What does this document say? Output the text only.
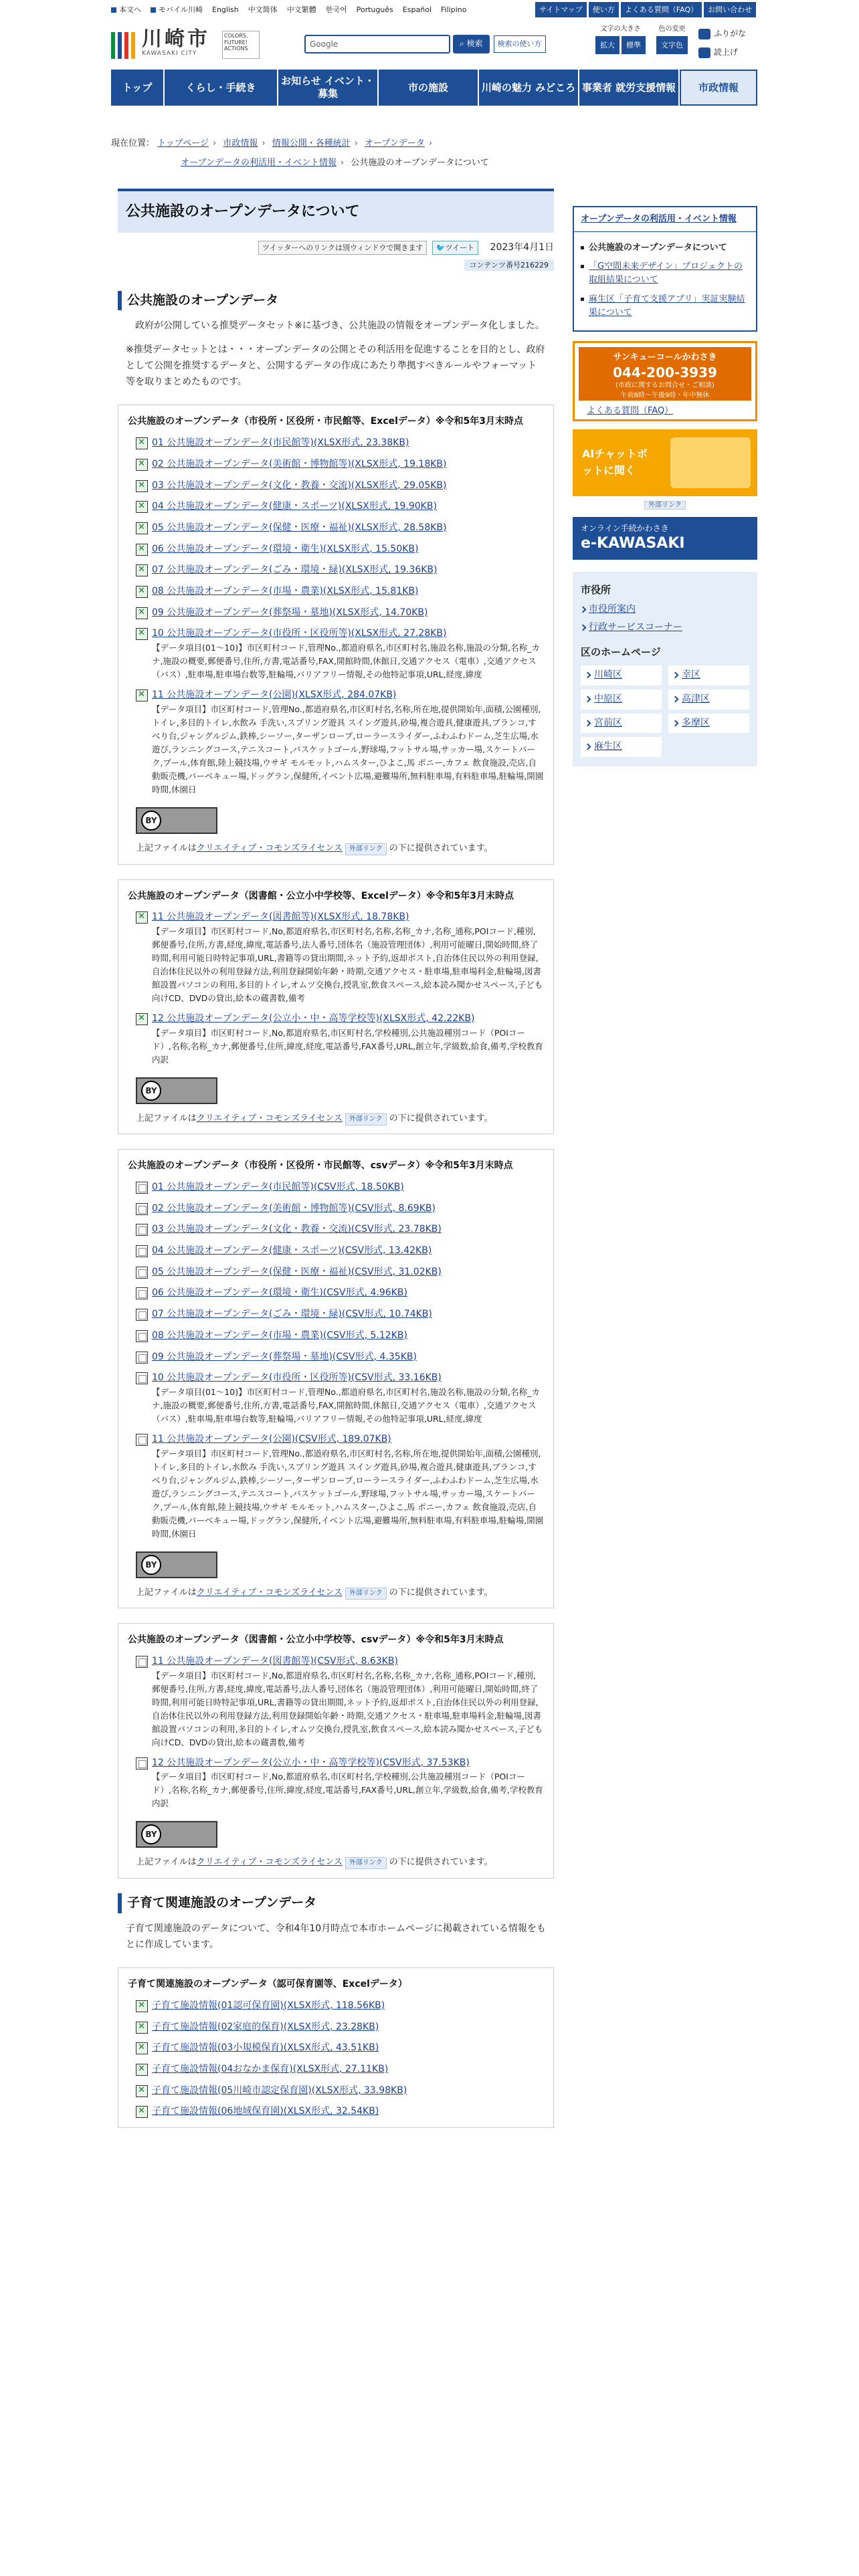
本文へ モバイル川崎 English 中文简体 中文繁體 한국어 Português Español Filipino	サイトマップ	使い方	よくある質問（FAQ）	お問い合わせ
川崎市
KAWASAKI CITY
COLORS, FUTURE! ACTIONS	Google	⌕ 検索	検索の使い方
文字の大きさ
拡大	標準
色の変更
文字色
ふりがな
読上げ
トップ	くらし・手続き
お知らせ イベント・募集
市の施設	川崎の魅力 みどころ 事業者 就労支援情報	市政情報
現在位置： トップページ › 市政情報 › 情報公開・各種統計 › オープンデータ ›
オープンデータの利活用・イベント情報 › 公共施設のオープンデータについて
公共施設のオープンデータについて
ツイッターへのリンクは別ウィンドウで開きます 🐦ツイート 2023年4月1日
コンテンツ番号216229
公共施設のオープンデータ

政府が公開している推奨データセット※に基づき、公共施設の情報をオープンデータ化しました。

※推奨データセットとは・・・オープンデータの公開とその利活用を促進することを目的とし、政府として公開を推奨するデータと、公開するデータの作成にあたり準拠すべきルールやフォーマット等を取りまとめたものです。

公共施設のオープンデータ（市役所・区役所・市民館等、Excelデータ）※令和5年3月末時点
✕
01 公共施設オープンデータ(市民館等)(XLSX形式, 23.38KB)
✕
02 公共施設オープンデータ(美術館・博物館等)(XLSX形式, 19.18KB)
✕
03 公共施設オープンデータ(文化・教養・交流)(XLSX形式, 29.05KB)
✕
04 公共施設オープンデータ(健康・スポーツ)(XLSX形式, 19.90KB)
✕
05 公共施設オープンデータ(保健・医療・福祉)(XLSX形式, 28.58KB)
✕
06 公共施設オープンデータ(環境・衛生)(XLSX形式, 15.50KB)
✕
07 公共施設オープンデータ(ごみ・環境・緑)(XLSX形式, 19.36KB)
✕
08 公共施設オープンデータ(市場・農業)(XLSX形式, 15.81KB)
✕
09 公共施設オープンデータ(葬祭場・墓地)(XLSX形式, 14.70KB)
✕
10 公共施設オープンデータ(市役所・区役所等)(XLSX形式, 27.28KB)
【データ項目(01～10)】市区町村コード,管理No.,都道府県名,市区町村名,施設名称,施設の分類,名称_カナ,施設の概要,郵便番号,住所,方書,電話番号,FAX,開館時間,休館日,交通アクセス（電車）,交通アクセス（バス）,駐車場,駐車場台数等,駐輪場,バリアフリー情報,その他特記事項,URL,経度,緯度
✕
11 公共施設オープンデータ(公園)(XLSX形式, 284.07KB)
【データ項目】市区町村コード,管理No.,都道府県名,市区町村名,名称,所在地,提供開始年,面積,公園種別,トイレ,多目的トイレ,水飲み 手洗い,スプリング遊具 スイング遊具,砂場,複合遊具,健康遊具,ブランコ,すべり台,ジャングルジム,鉄棒,シーソー,ターザンロープ,ローラースライダー,ふわふわドーム,芝生広場,水遊び,ランニングコース,テニスコート,バスケットゴール,野球場,フットサル場,サッカー場,スケートパーク,プール,体育館,陸上競技場,ウサギ モルモット,ハムスター,ひよこ,馬 ポニー,カフェ 飲食施設,売店,自動販売機,バーベキュー場,ドッグラン,保健所,イベント広場,避難場所,無料駐車場,有料駐車場,駐輪場,開園時間,休園日
BY
上記ファイルはクリエイティブ・コモンズライセンス 外部リンク の下に提供されています。
公共施設のオープンデータ（図書館・公立小中学校等、Excelデータ）※令和5年3月末時点
✕
11 公共施設オープンデータ(図書館等)(XLSX形式, 18.78KB)
【データ項目】市区町村コード,No,都道府県名,市区町村名,名称,名称_カナ,名称_通称,POIコード,種別,郵便番号,住所,方書,経度,緯度,電話番号,法人番号,団体名（施設管理団体）,利用可能曜日,開始時間,終了時間,利用可能日時特記事項,URL,書籍等の貸出期間,ネット予約,返却ポスト,自治体住民以外の利用登録,自治体住民以外の利用登録方法,利用登録開始年齢・時期,交通アクセス・駐車場,駐車場料金,駐輪場,図書館設置パソコンの利用,多目的トイレ,オムツ交換台,授乳室,飲食スペース,絵本読み聞かせスペース,子ども向けCD、DVDの貸出,絵本の蔵書数,備考
✕
12 公共施設オープンデータ(公立小・中・高等学校等)(XLSX形式, 42.22KB)
【データ項目】市区町村コード,No,都道府県名,市区町村名,学校種別,公共施設種別コード（POIコード）,名称,名称_カナ,郵便番号,住所,緯度,経度,電話番号,FAX番号,URL,創立年,学級数,給食,備考,学校教育内訳
BY
上記ファイルはクリエイティブ・コモンズライセンス 外部リンク の下に提供されています。
公共施設のオープンデータ（市役所・区役所・市民館等、csvデータ）※令和5年3月末時点
01 公共施設オープンデータ(市民館等)(CSV形式, 18.50KB)
02 公共施設オープンデータ(美術館・博物館等)(CSV形式, 8.69KB)
03 公共施設オープンデータ(文化・教養・交流)(CSV形式, 23.78KB)
04 公共施設オープンデータ(健康・スポーツ)(CSV形式, 13.42KB)
05 公共施設オープンデータ(保健・医療・福祉)(CSV形式, 31.02KB)
06 公共施設オープンデータ(環境・衛生)(CSV形式, 4.96KB)
07 公共施設オープンデータ(ごみ・環境・緑)(CSV形式, 10.74KB)
08 公共施設オープンデータ(市場・農業)(CSV形式, 5.12KB)
09 公共施設オープンデータ(葬祭場・墓地)(CSV形式, 4.35KB)
10 公共施設オープンデータ(市役所・区役所等)(CSV形式, 33.16KB)
【データ項目(01～10)】市区町村コード,管理No.,都道府県名,市区町村名,施設名称,施設の分類,名称_カナ,施設の概要,郵便番号,住所,方書,電話番号,FAX,開館時間,休館日,交通アクセス（電車）,交通アクセス（バス）,駐車場,駐車場台数等,駐輪場,バリアフリー情報,その他特記事項,URL,経度,緯度
11 公共施設オープンデータ(公園)(CSV形式, 189.07KB)
【データ項目】市区町村コード,管理No.,都道府県名,市区町村名,名称,所在地,提供開始年,面積,公園種別,トイレ,多目的トイレ,水飲み 手洗い,スプリング遊具 スイング遊具,砂場,複合遊具,健康遊具,ブランコ,すべり台,ジャングルジム,鉄棒,シーソー,ターザンロープ,ローラースライダー,ふわふわドーム,芝生広場,水遊び,ランニングコース,テニスコート,バスケットゴール,野球場,フットサル場,サッカー場,スケートパーク,プール,体育館,陸上競技場,ウサギ モルモット,ハムスター,ひよこ,馬 ポニー,カフェ 飲食施設,売店,自動販売機,バーベキュー場,ドッグラン,保健所,イベント広場,避難場所,無料駐車場,有料駐車場,駐輪場,開園時間,休園日
BY
上記ファイルはクリエイティブ・コモンズライセンス 外部リンク の下に提供されています。
公共施設のオープンデータ（図書館・公立小中学校等、csvデータ）※令和5年3月末時点
11 公共施設オープンデータ(図書館等)(CSV形式, 8.63KB)
【データ項目】市区町村コード,No,都道府県名,市区町村名,名称,名称_カナ,名称_通称,POIコード,種別,郵便番号,住所,方書,経度,緯度,電話番号,法人番号,団体名（施設管理団体）,利用可能曜日,開始時間,終了時間,利用可能日時特記事項,URL,書籍等の貸出期間,ネット予約,返却ポスト,自治体住民以外の利用登録,自治体住民以外の利用登録方法,利用登録開始年齢・時期,交通アクセス・駐車場,駐車場料金,駐輪場,図書館設置パソコンの利用,多目的トイレ,オムツ交換台,授乳室,飲食スペース,絵本読み聞かせスペース,子ども向けCD、DVDの貸出,絵本の蔵書数,備考
12 公共施設オープンデータ(公立小・中・高等学校等)(CSV形式, 37.53KB)
【データ項目】市区町村コード,No,都道府県名,市区町村名,学校種別,公共施設種別コード（POIコード）,名称,名称_カナ,郵便番号,住所,緯度,経度,電話番号,FAX番号,URL,創立年,学級数,給食,備考,学校教育内訳
BY
上記ファイルはクリエイティブ・コモンズライセンス 外部リンク の下に提供されています。
子育て関連施設のオープンデータ

子育て関連施設のデータについて、令和4年10月時点で本市ホームページに掲載されている情報をもとに作成しています。

子育て関連施設のオープンデータ（認可保育園等、Excelデータ）
✕
子育て施設情報(01認可保育園)(XLSX形式, 118.56KB)
✕
子育て施設情報(02家庭的保育)(XLSX形式, 23.28KB)
✕
子育て施設情報(03小規模保育)(XLSX形式, 43.51KB)
✕
子育て施設情報(04おなかま保育)(XLSX形式, 27.11KB)
✕
子育て施設情報(05川崎市認定保育園)(XLSX形式, 33.98KB)
✕
子育て施設情報(06地域保育園)(XLSX形式, 32.54KB)
オープンデータの利活用・イベント情報
公共施設のオープンデータについて
「G空間未来デザイン」プロジェクトの取組結果について
麻生区「子育て支援アプリ」実証実験結果について
サンキューコールかわさき
044-200-3939
(市政に関するお問合せ・ご相談)
午前8時～午後9時・年中無休
よくある質問（FAQ）
AIチャットボットに聞く
外部リンク
オンライン手続かわさき
e-KAWASAKI
市役所
市役所案内
行政サービスコーナー
区のホームページ
川崎区	幸区
中原区	高津区
宮前区	多摩区
麻生区
